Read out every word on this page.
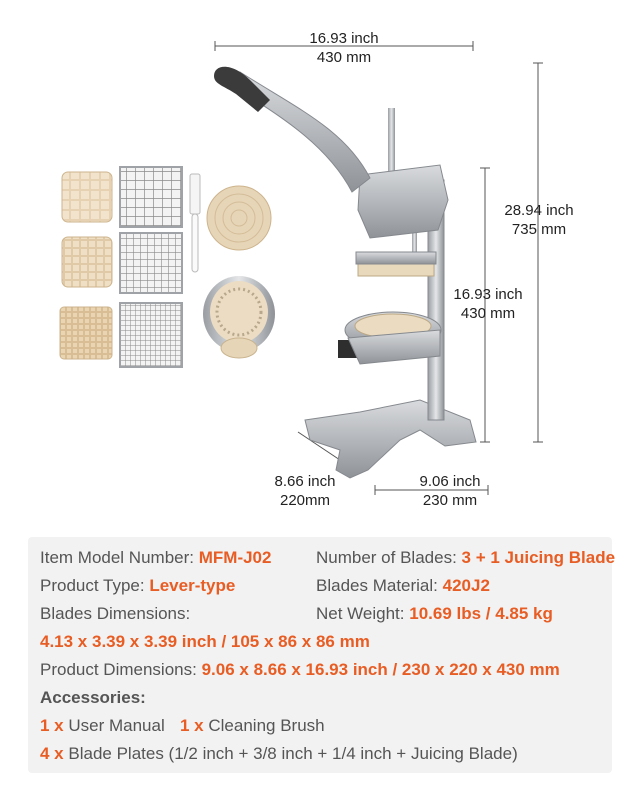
16.93 inch
430 mm
28.94 inch
735 mm
16.93 inch
430 mm
8.66 inch
220mm
9.06 inch
230 mm
Item Model Number: MFM-J02	Number of Blades: 3 + 1 Juicing Blade
Product Type: Lever-type	Blades Material: 420J2
Blades Dimensions:	Net Weight: 10.69 lbs / 4.85 kg
4.13 x 3.39 x 3.39 inch / 105 x 86 x 86 mm
Product Dimensions: 9.06 x 8.66 x 16.93 inch / 230 x 220 x 430 mm
Accessories:
1 x User Manual 1 x Cleaning Brush
4 x Blade Plates (1/2 inch + 3/8 inch + 1/4 inch + Juicing Blade)
